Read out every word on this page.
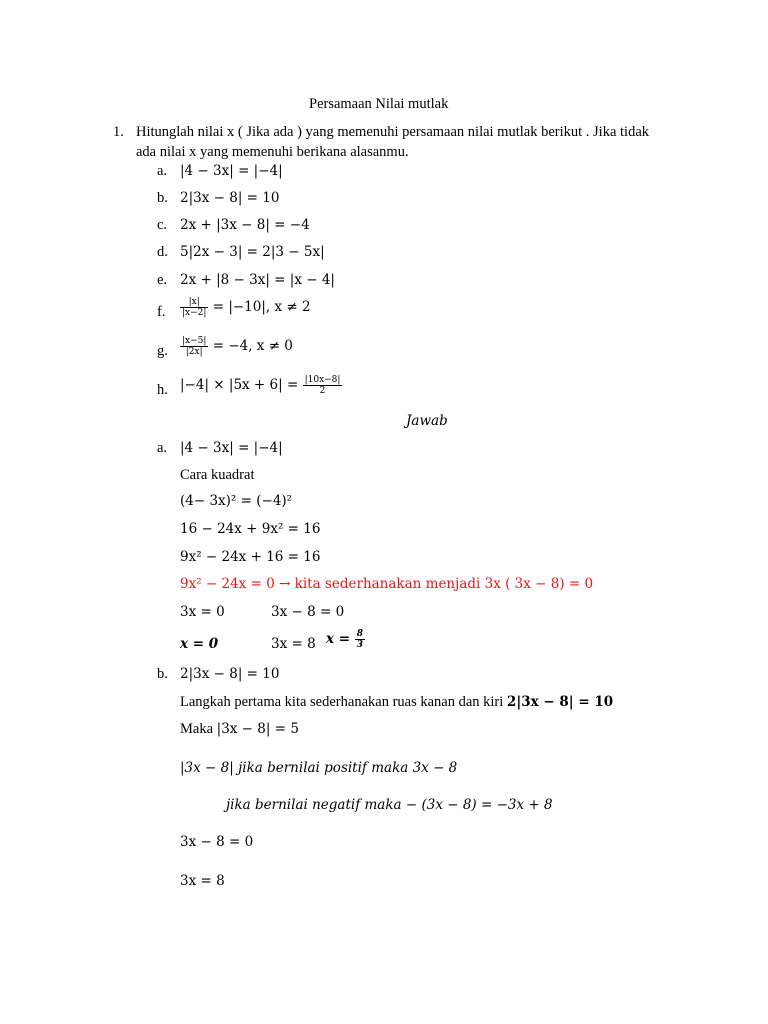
Persamaan Nilai mutlak
1. Hitunglah nilai x ( Jika ada ) yang memenuhi persamaan nilai mutlak berikut . Jika tidak
ada nilai x yang memenuhi berikana alasanmu.
a. |4 − 3x| = |−4|
b. 2|3x − 8| = 10
c. 2x + |3x − 8| = −4
d. 5|2x − 3| = 2|3 − 5x|
e. 2x + |8 − 3x| = |x − 4|
f. $\frac{|x|}{|x-2|} = |-10|$, x ≠ 2
g. $\frac{|x-5|}{|2x|} = -4$, x ≠ 0
h. $|-4| \times |5x + 6| = \frac{|10x-8|}{2}$
Jawab
a. |4 − 3x| = |−4|
Cara kuadrat
(4− 3x)² = (−4)²
16 − 24x + 9x² = 16
9x² − 24x + 16 = 16
9x² − 24x = 0 → kita sederhanakan menjadi 3x ( 3x − 8) = 0
3x = 0	3x − 8 = 0
x = 0	3x = 8 $x = \frac{8}{3}$
b. 2|3x − 8| = 10
Langkah pertama kita sederhanakan ruas kanan dan kiri 2|3x − 8| = 10
Maka |3x − 8| = 5
|3x − 8| jika bernilai positif maka 3x − 8
jika bernilai negatif maka − (3x − 8) = −3x + 8
3x − 8 = 0
3x = 8
